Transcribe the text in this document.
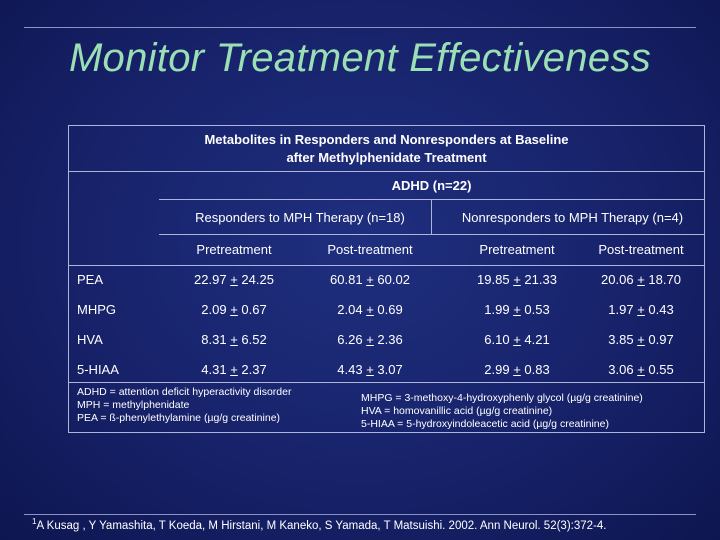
Monitor Treatment Effectiveness
Metabolites in Responders and Nonresponders at Baseline
after Methylphenidate Treatment
ADHD (n=22)
Responders to MPH Therapy (n=18)	Nonresponders to MPH Therapy (n=4)
Pretreatment	Post-treatment	Pretreatment	Post-treatment
PEA	22.97 + 24.25	60.81 + 60.02	19.85 + 21.33	20.06 + 18.70
MHPG	2.09 + 0.67	2.04 + 0.69	1.99 + 0.53	1.97 + 0.43
HVA	8.31 + 6.52	6.26 + 2.36	6.10 + 4.21	3.85 + 0.97
5-HIAA	4.31 + 2.37	4.43 + 3.07	2.99 + 0.83	3.06 + 0.55
ADHD = attention deficit hyperactivity disorder
MPH = methylphenidate
PEA = ß-phenylethylamine (µg/g creatinine)
MHPG = 3-methoxy-4-hydroxyphenly glycol (µg/g creatinine)
HVA = homovanillic acid (µg/g creatinine)
5-HIAA = 5-hydroxyindoleacetic acid (µg/g creatinine)
$^1$A Kusag , Y Yamashita, T Koeda, M Hirstani, M Kaneko, S Yamada, T Matsuishi. 2002. Ann Neurol. 52(3):372-4.
